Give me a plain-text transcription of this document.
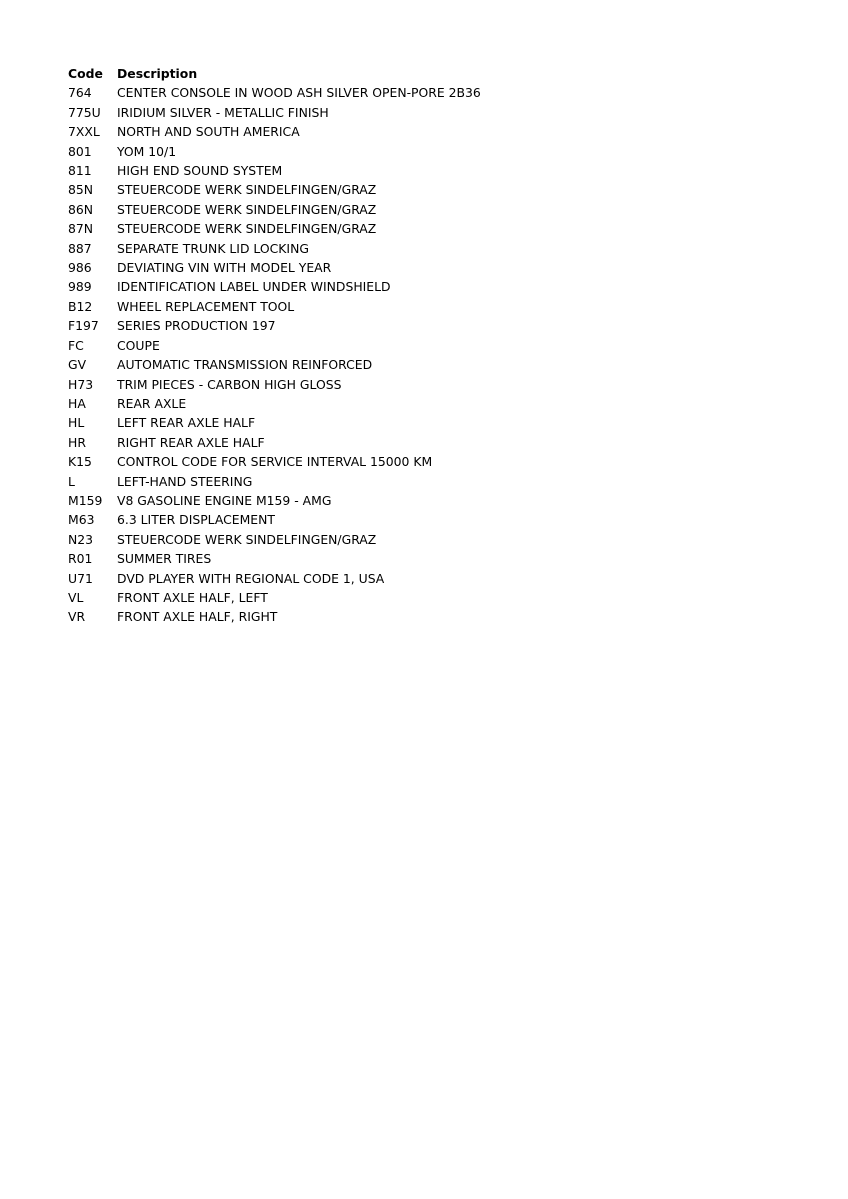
Code	Description
764	CENTER CONSOLE IN WOOD ASH SILVER OPEN-PORE 2B36
775U	IRIDIUM SILVER - METALLIC FINISH
7XXL	NORTH AND SOUTH AMERICA
801	YOM 10/1
811	HIGH END SOUND SYSTEM
85N	STEUERCODE WERK SINDELFINGEN/GRAZ
86N	STEUERCODE WERK SINDELFINGEN/GRAZ
87N	STEUERCODE WERK SINDELFINGEN/GRAZ
887	SEPARATE TRUNK LID LOCKING
986	DEVIATING VIN WITH MODEL YEAR
989	IDENTIFICATION LABEL UNDER WINDSHIELD
B12	WHEEL REPLACEMENT TOOL
F197	SERIES PRODUCTION 197
FC	COUPE
GV	AUTOMATIC TRANSMISSION REINFORCED
H73	TRIM PIECES - CARBON HIGH GLOSS
HA	REAR AXLE
HL	LEFT REAR AXLE HALF
HR	RIGHT REAR AXLE HALF
K15	CONTROL CODE FOR SERVICE INTERVAL 15000 KM
L	LEFT-HAND STEERING
M159	V8 GASOLINE ENGINE M159 - AMG
M63	6.3 LITER DISPLACEMENT
N23	STEUERCODE WERK SINDELFINGEN/GRAZ
R01	SUMMER TIRES
U71	DVD PLAYER WITH REGIONAL CODE 1, USA
VL	FRONT AXLE HALF, LEFT
VR	FRONT AXLE HALF, RIGHT
